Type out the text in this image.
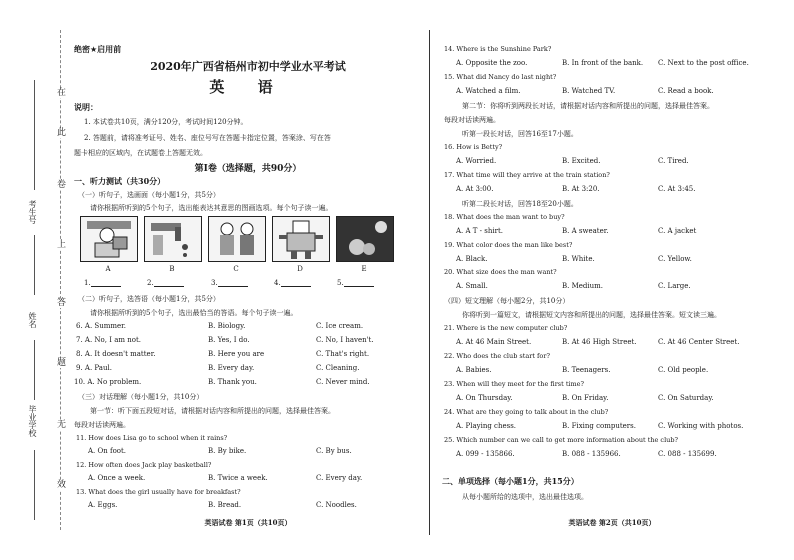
在
此
卷
上
答
题
无
效
考生号
姓名
毕业学校
绝密★启用前
2020年广西省梧州市初中学业水平考试
英 语
说明：
1. 本试卷共10页，满分120分，考试时间120分钟。
2. 答题前，请将准考证号、姓名、座位号写在答题卡指定位置，答案涂、写在答
题卡相应的区域内，在试题卷上答题无效。
第Ⅰ卷（选择题，共90分）
一、听力测试（共30分）
（一）听句子，选画面（每小题1分，共5分）
请你根据所听到的5个句子，选出能表达其意思的图画选项。每个句子读一遍。
A	B	C	D	E
1.	2.	3.	4.	5.
（二）听句子，选答语（每小题1分，共5分）
请你根据所听到的5个句子，选出最恰当的答语。每个句子读一遍。
6. A. Summer.	B. Biology.	C. Ice cream.
7. A. No, I am not.	B. Yes, I do.	C. No, I haven't.
8. A. It doesn't matter.	B. Here you are	C. That's right.
9. A. Paul.	B. Every day.	C. Cleaning.
10. A. No problem.	B. Thank you.	C. Never mind.
（三）对话理解（每小题1分，共10分）
第一节：听下面五段短对话，请根据对话内容和所提出的问题，选择最佳答案。
每段对话读两遍。
11. How does Lisa go to school when it rains?
A. On foot.	B. By bike.	C. By bus.
12. How often does Jack play basketball?
A. Once a week.	B. Twice a week.	C. Every day.
13. What does the girl usually have for breakfast?
A. Eggs.	B. Bread.	C. Noodles.
英语试卷 第1页（共10页）
14. Where is the Sunshine Park?
A. Opposite the zoo.	B. In front of the bank. C. Next to the post office.
15. What did Nancy do last night?
A. Watched a film.	B. Watched TV.	C. Read a book.
第二节：你将听到两段长对话，请根据对话内容和所提出的问题，选择最佳答案。
每段对话读两遍。
听第一段长对话，回答16至17小题。
16. How is Betty?
A. Worried.	B. Excited.	C. Tired.
17. What time will they arrive at the train station?
A. At 3:00.	B. At 3:20.	C. At 3:45.
听第二段长对话，回答18至20小题。
18. What does the man want to buy?
A. A T - shirt.	B. A sweater.	C. A jacket
19. What color does the man like best?
A. Black.	B. White.	C. Yellow.
20. What size does the man want?
A. Small.	B. Medium.	C. Large.
（四）短文理解（每小题2分，共10分）
你将听到一篇短文，请根据短文内容和所提出的问题，选择最佳答案。短文读三遍。
21. Where is the new computer club?
A. At 46 Main Street.	B. At 46 High Street.	C. At 46 Center Street.
22. Who does the club start for?
A. Babies.	B. Teenagers.	C. Old people.
23. When will they meet for the first time?
A. On Thursday.	B. On Friday.	C. On Saturday.
24. What are they going to talk about in the club?
A. Playing chess.	B. Fixing computers.	C. Working with photos.
25. Which number can we call to get more information about the club?
A. 099 - 135866.	B. 088 - 135966.	C. 088 - 135699.
二、单项选择（每小题1分，共15分）
从每小题所给的选项中，选出最佳选项。
英语试卷 第2页（共10页）
